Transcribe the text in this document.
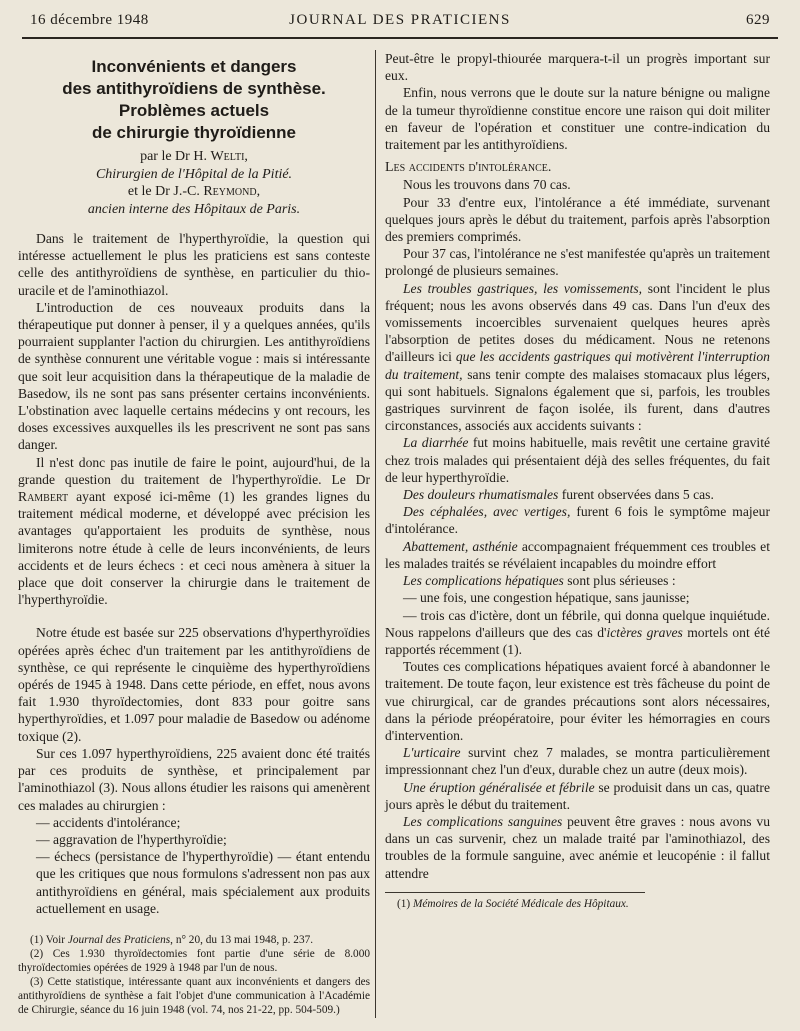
16 décembre 1948	JOURNAL DES PRATICIENS	629
Inconvénients et dangers
des antithyroïdiens de synthèse.
Problèmes actuels
de chirurgie thyroïdienne
par le Dr H. Welti,
Chirurgien de l'Hôpital de la Pitié.
et le Dr J.-C. Reymond,
ancien interne des Hôpitaux de Paris.

Dans le traitement de l'hyperthyroïdie, la question qui intéresse actuellement le plus les praticiens est sans conteste celle des antithyroïdiens de synthèse, en particulier du thio-uracile et de l'aminothiazol.

L'introduction de ces nouveaux produits dans la thérapeutique put donner à penser, il y a quelques années, qu'ils pourraient supplanter l'action du chirurgien. Les antithyroïdiens de synthèse connurent une véritable vogue : mais si intéressante que soit leur acquisition dans la thérapeutique de la maladie de Basedow, ils ne sont pas sans présenter certains inconvénients. L'obstination avec laquelle certains médecins y ont recours, les doses excessives auxquelles ils les prescrivent ne sont pas sans danger.

Il n'est donc pas inutile de faire le point, aujourd'hui, de la grande question du traitement de l'hyperthyroïdie. Le Dr Rambert ayant exposé ici-même (1) les grandes lignes du traitement médical moderne, et développé avec précision les avantages qu'apportaient les produits de synthèse, nous limiterons notre étude à celle de leurs inconvénients, de leurs accidents et de leurs échecs : et ceci nous amènera à situer la place que doit conserver la chirurgie dans le traitement de l'hyperthyroïdie.

Notre étude est basée sur 225 observations d'hyperthyroïdies opérées après échec d'un traitement par les antithyroïdiens de synthèse, ce qui représente le cinquième des hyperthyroïdiens opérés de 1945 à 1948. Dans cette période, en effet, nous avons fait 1.930 thyroïdectomies, dont 833 pour goitre sans hyperthyroïdies, et 1.097 pour maladie de Basedow ou adénome toxique (2).

Sur ces 1.097 hyperthyroïdiens, 225 avaient donc été traités par ces produits de synthèse, et principalement par l'aminothiazol (3). Nous allons étudier les raisons qui amenèrent ces malades au chirurgien :

— accidents d'intolérance;

— aggravation de l'hyperthyroïdie;

— échecs (persistance de l'hyperthyroïdie) — étant entendu que les critiques que nous formulons s'adressent non pas aux antithyroïdiens en général, mais spécialement aux produits actuellement en usage.

(1) Voir Journal des Praticiens, n° 20, du 13 mai 1948, p. 237.

(2) Ces 1.930 thyroïdectomies font partie d'une série de 8.000 thyroïdectomies opérées de 1929 à 1948 par l'un de nous.

(3) Cette statistique, intéressante quant aux inconvénients et dangers des antithyroïdiens de synthèse a fait l'objet d'une communication à l'Académie de Chirurgie, séance du 16 juin 1948 (vol. 74, nos 21-22, pp. 504-509.)

Peut-être le propyl-thiourée marquera-t-il un progrès important sur eux.

Enfin, nous verrons que le doute sur la nature bénigne ou maligne de la tumeur thyroïdienne constitue encore une raison qui doit militer en faveur de l'opération et constituer une contre-indication du traitement par les antithyroïdiens.

Les accidents d'intolérance.

Nous les trouvons dans 70 cas.

Pour 33 d'entre eux, l'intolérance a été immédiate, survenant quelques jours après le début du traitement, parfois après l'absorption des premiers comprimés.

Pour 37 cas, l'intolérance ne s'est manifestée qu'après un traitement prolongé de plusieurs semaines.

Les troubles gastriques, les vomissements, sont l'incident le plus fréquent; nous les avons observés dans 49 cas. Dans l'un d'eux des vomissements incoercibles survenaient quelques heures après l'absorption de petites doses du médicament. Nous ne retenons d'ailleurs ici que les accidents gastriques qui motivèrent l'interruption du traitement, sans tenir compte des malaises stomacaux plus légers, qui sont habituels. Signalons également que si, parfois, les troubles gastriques survinrent de façon isolée, ils furent, dans d'autres circonstances, associés aux accidents suivants :

La diarrhée fut moins habituelle, mais revêtit une certaine gravité chez trois malades qui présentaient déjà des selles fréquentes, du fait de leur hyperthyroïdie.

Des douleurs rhumatismales furent observées dans 5 cas.

Des céphalées, avec vertiges, furent 6 fois le symptôme majeur d'intolérance.

Abattement, asthénie accompagnaient fréquemment ces troubles et les malades traités se révélaient incapables du moindre effort

Les complications hépatiques sont plus sérieuses :

— une fois, une congestion hépatique, sans jaunisse;

— trois cas d'ictère, dont un fébrile, qui donna quelque inquiétude. Nous rappelons d'ailleurs que des cas d'ictères graves mortels ont été rapportés récemment (1).

Toutes ces complications hépatiques avaient forcé à abandonner le traitement. De toute façon, leur existence est très fâcheuse du point de vue chirurgical, car de grandes précautions sont alors nécessaires, dans la période préopératoire, pour éviter les hémorragies en cours d'intervention.

L'urticaire survint chez 7 malades, se montra particulièrement impressionnant chez l'un d'eux, durable chez un autre (deux mois).

Une éruption généralisée et fébrile se produisit dans un cas, quatre jours après le début du traitement.

Les complications sanguines peuvent être graves : nous avons vu dans un cas survenir, chez un malade traité par l'aminothiazol, des troubles de la formule sanguine, avec anémie et leucopénie : il fallut attendre

(1) Mémoires de la Société Médicale des Hôpitaux.
